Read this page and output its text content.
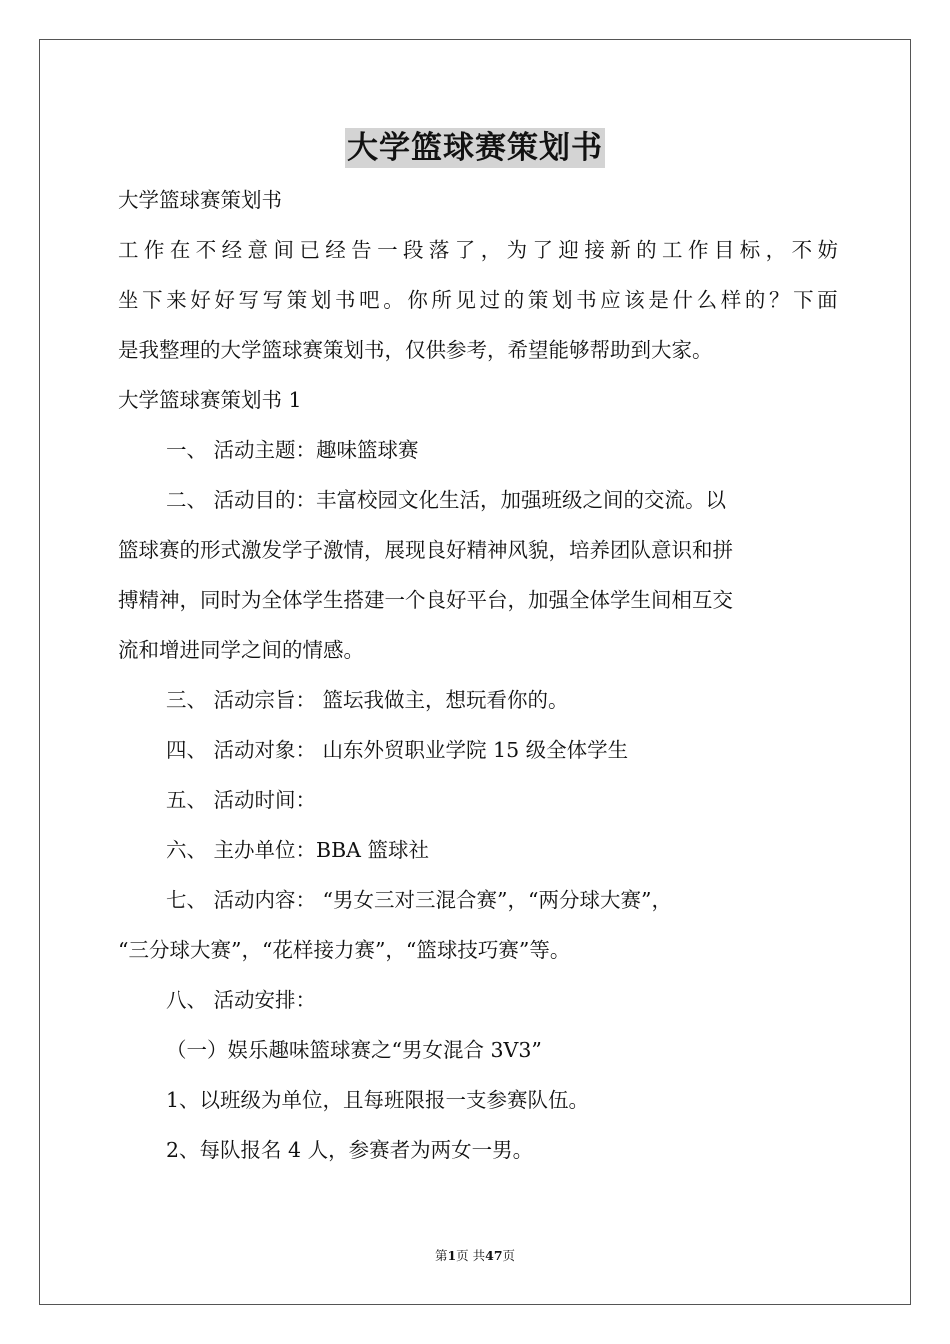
大学篮球赛策划书
大学篮球赛策划书
工 作 在 不 经 意 间 已 经 告 一 段 落 了 ， 为 了 迎 接 新 的 工 作 目 标 ， 不 妨
坐 下 来 好 好 写 写 策 划 书 吧 。 你 所 见 过 的 策 划 书 应 该 是 什 么 样 的 ？ 下 面
是我整理的大学篮球赛策划书，仅供参考，希望能够帮助到大家。
大学篮球赛策划书 1
一、 活动主题：趣味篮球赛
二、 活动目的：丰富校园文化生活，加强班级之间的交流。以
篮球赛的形式激发学子激情，展现良好精神风貌，培养团队意识和拼
搏精神，同时为全体学生搭建一个良好平台，加强全体学生间相互交
流和增进同学之间的情感。
三、 活动宗旨： 篮坛我做主，想玩看你的。
四、 活动对象： 山东外贸职业学院 15 级全体学生
五、 活动时间：
六、 主办单位：BBA 篮球社
七、 活动内容： “男女三对三混合赛”，“两分球大赛”，
“三分球大赛”，“花样接力赛”，“篮球技巧赛”等。
八、 活动安排：
（一）娱乐趣味篮球赛之“男女混合 3V3”
1、以班级为单位，且每班限报一支参赛队伍。
2、每队报名 4 人，参赛者为两女一男。
第1页 共47页
